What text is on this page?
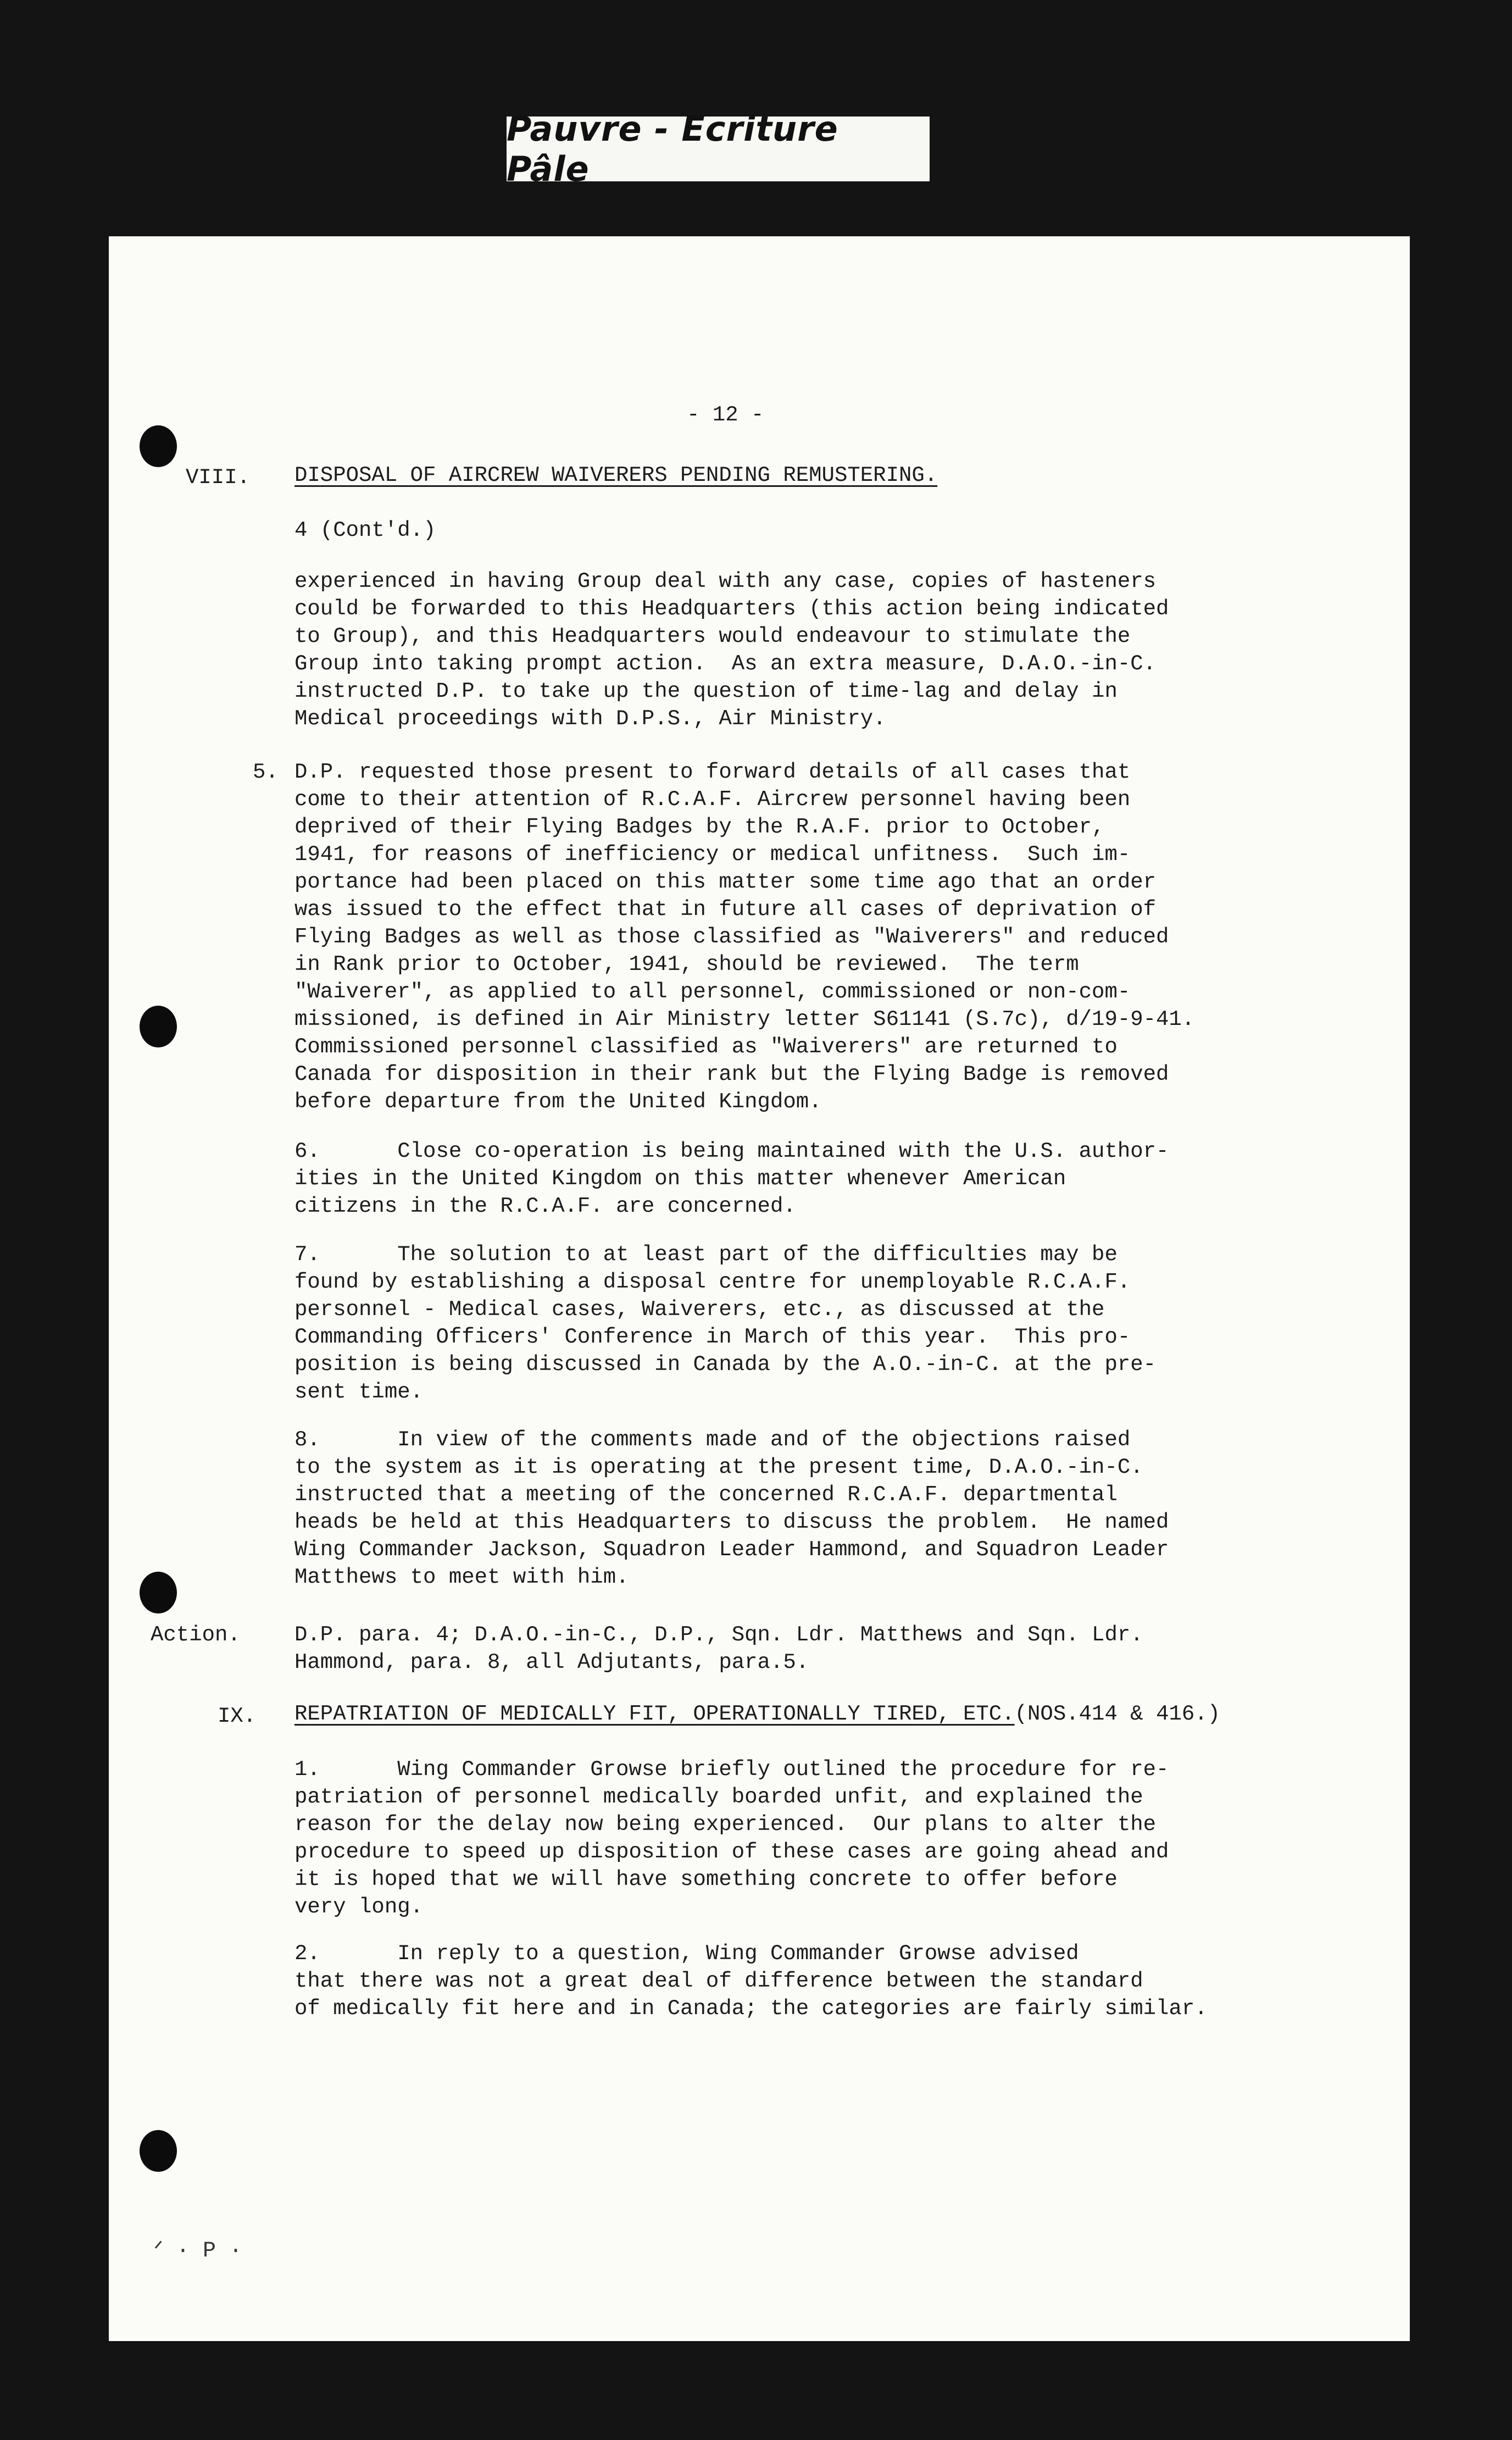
Pauvre - Ecriture Pâle
ᐟ · P ·
- 12 -
VIII. DISPOSAL OF AIRCREW WAIVERERS PENDING REMUSTERING.
4 (Cont'd.)
experienced in having Group deal with any case, copies of hasteners
could be forwarded to this Headquarters (this action being indicated
to Group), and this Headquarters would endeavour to stimulate the
Group into taking prompt action.  As an extra measure, D.A.O.-in-C.
instructed D.P. to take up the question of time-lag and delay in
Medical proceedings with D.P.S., Air Ministry.
5. D.P. requested those present to forward details of all cases that
come to their attention of R.C.A.F. Aircrew personnel having been
deprived of their Flying Badges by the R.A.F. prior to October,
1941, for reasons of inefficiency or medical unfitness.  Such im-
portance had been placed on this matter some time ago that an order
was issued to the effect that in future all cases of deprivation of
Flying Badges as well as those classified as "Waiverers" and reduced
in Rank prior to October, 1941, should be reviewed.  The term
"Waiverer", as applied to all personnel, commissioned or non-com-
missioned, is defined in Air Ministry letter S61141 (S.7c), d/19-9-41.
Commissioned personnel classified as "Waiverers" are returned to
Canada for disposition in their rank but the Flying Badge is removed
before departure from the United Kingdom.
6.      Close co-operation is being maintained with the U.S. author-
ities in the United Kingdom on this matter whenever American
citizens in the R.C.A.F. are concerned.
7.      The solution to at least part of the difficulties may be
found by establishing a disposal centre for unemployable R.C.A.F.
personnel - Medical cases, Waiverers, etc., as discussed at the
Commanding Officers' Conference in March of this year.  This pro-
position is being discussed in Canada by the A.O.-in-C. at the pre-
sent time.
8.      In view of the comments made and of the objections raised
to the system as it is operating at the present time, D.A.O.-in-C.
instructed that a meeting of the concerned R.C.A.F. departmental
heads be held at this Headquarters to discuss the problem.  He named
Wing Commander Jackson, Squadron Leader Hammond, and Squadron Leader
Matthews to meet with him.
Action.	D.P. para. 4; D.A.O.-in-C., D.P., Sqn. Ldr. Matthews and Sqn. Ldr.
Hammond, para. 8, all Adjutants, para.5.
IX. REPATRIATION OF MEDICALLY FIT, OPERATIONALLY TIRED, ETC.(NOS.414 & 416.)
1.      Wing Commander Growse briefly outlined the procedure for re-
patriation of personnel medically boarded unfit, and explained the
reason for the delay now being experienced.  Our plans to alter the
procedure to speed up disposition of these cases are going ahead and
it is hoped that we will have something concrete to offer before
very long.
2.      In reply to a question, Wing Commander Growse advised
that there was not a great deal of difference between the standard
of medically fit here and in Canada; the categories are fairly similar.
